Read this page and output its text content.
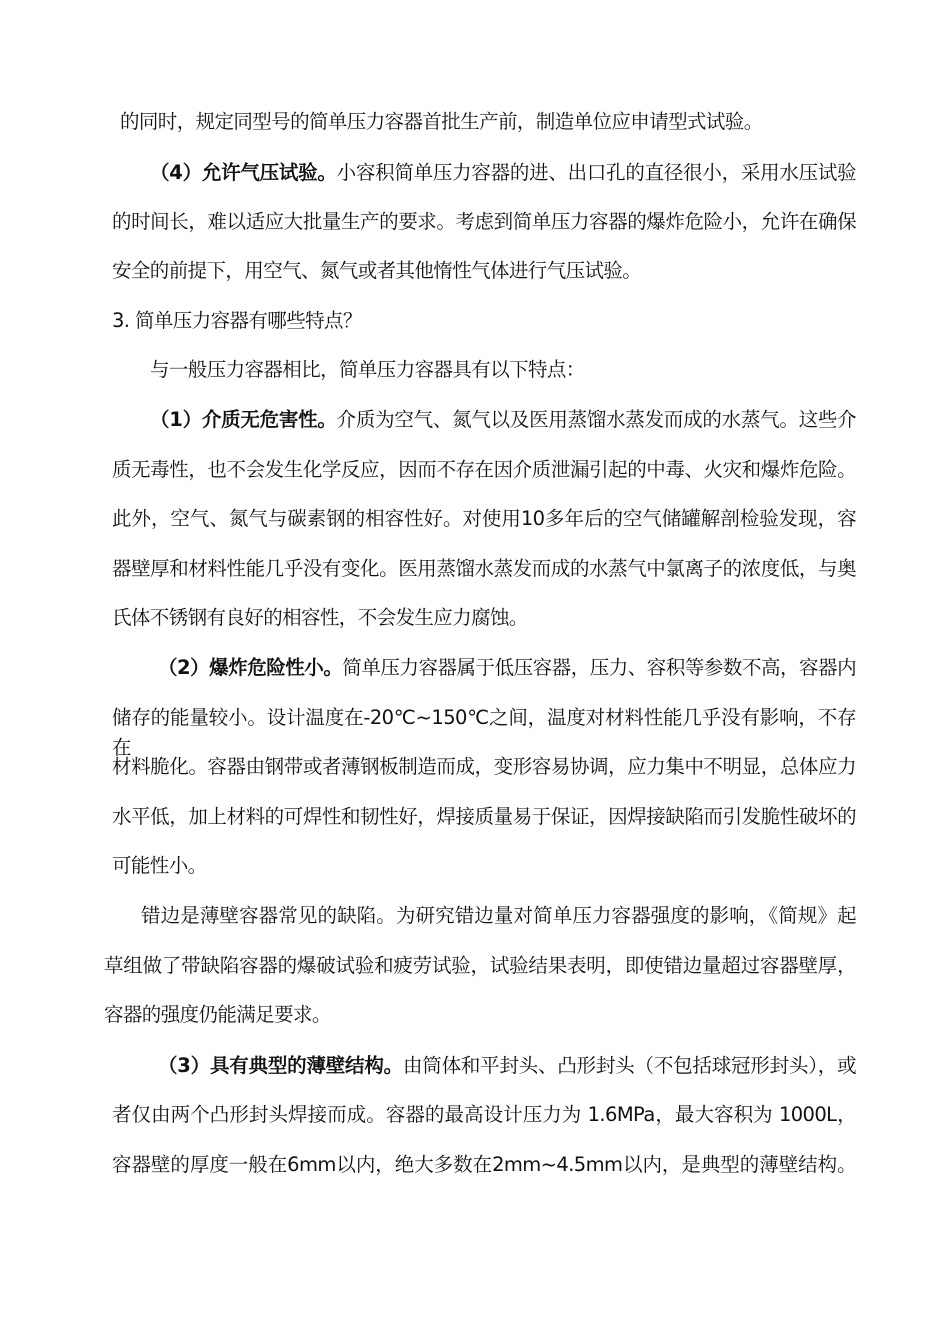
的同时，规定同型号的简单压力容器首批生产前，制造单位应申请型式试验。
（4）允许气压试验。小容积简单压力容器的进、出口孔的直径很小，采用水压试验
的时间长，难以适应大批量生产的要求。考虑到简单压力容器的爆炸危险小，允许在确保
安全的前提下，用空气、氮气或者其他惰性气体进行气压试验。
3. 简单压力容器有哪些特点？
与一般压力容器相比，简单压力容器具有以下特点：
（1）介质无危害性。介质为空气、氮气以及医用蒸馏水蒸发而成的水蒸气。这些介
质无毒性，也不会发生化学反应，因而不存在因介质泄漏引起的中毒、火灾和爆炸危险。
此外，空气、氮气与碳素钢的相容性好。对使用10多年后的空气储罐解剖检验发现，容
器壁厚和材料性能几乎没有变化。医用蒸馏水蒸发而成的水蒸气中氯离子的浓度低，与奥
氏体不锈钢有良好的相容性，不会发生应力腐蚀。
（2）爆炸危险性小。简单压力容器属于低压容器，压力、容积等参数不高，容器内
储存的能量较小。设计温度在-20℃~150℃之间，温度对材料性能几乎没有影响，不存在
材料脆化。容器由钢带或者薄钢板制造而成，变形容易协调，应力集中不明显，总体应力
水平低，加上材料的可焊性和韧性好，焊接质量易于保证，因焊接缺陷而引发脆性破坏的
可能性小。
错边是薄壁容器常见的缺陷。为研究错边量对简单压力容器强度的影响，《简规》起
草组做了带缺陷容器的爆破试验和疲劳试验，试验结果表明，即使错边量超过容器壁厚，
容器的强度仍能满足要求。
（3）具有典型的薄壁结构。由筒体和平封头、凸形封头（不包括球冠形封头），或
者仅由两个凸形封头焊接而成。容器的最高设计压力为 1.6MPa，最大容积为 1000L，
容器壁的厚度一般在6mm以内，绝大多数在2mm~4.5mm以内，是典型的薄壁结构。
